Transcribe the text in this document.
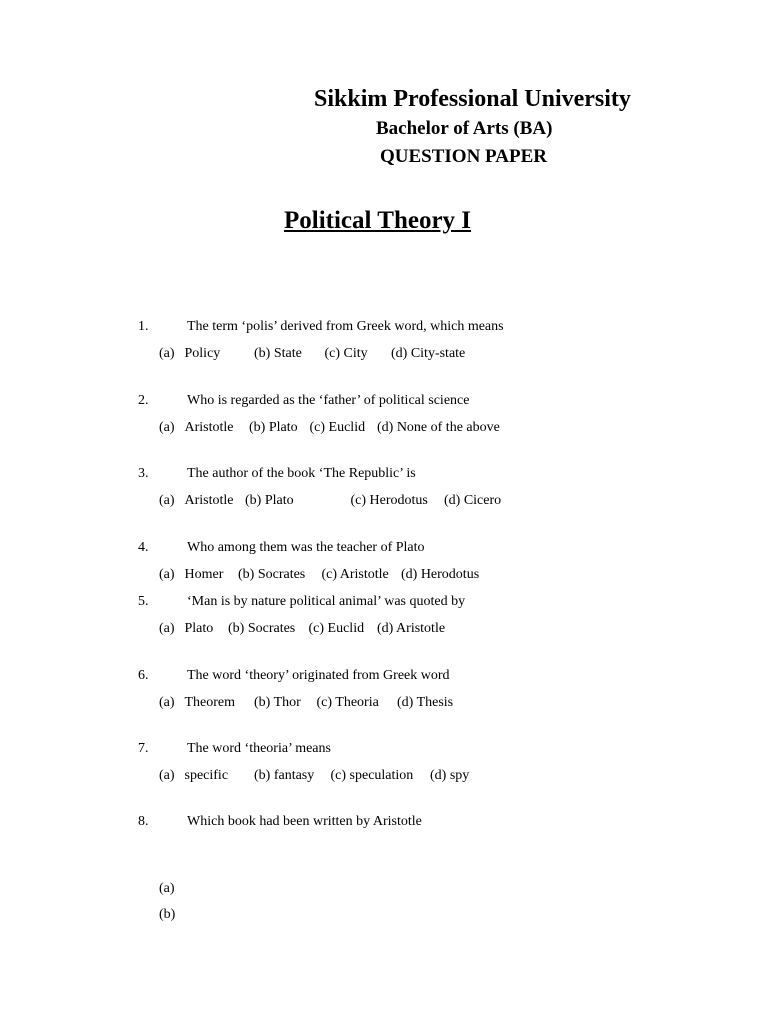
Sikkim Professional University
Bachelor of Arts (BA)
QUESTION PAPER
Political Theory I
1.	The term ‘polis’ derived from Greek word, which means
(a) Policy (b) State (c) City (d) City-state
2.	Who is regarded as the ‘father’ of political science
(a) Aristotle (b) Plato (c) Euclid (d) None of the above
3.	The author of the book ‘The Republic’ is
(a) Aristotle (b) Plato	(c) Herodotus (d) Cicero
4.	Who among them was the teacher of Plato
(a) Homer (b) Socrates (c) Aristotle (d) Herodotus
5.	‘Man is by nature political animal’ was quoted by
(a) Plato (b) Socrates (c) Euclid (d) Aristotle
6.	The word ‘theory’ originated from Greek word
(a) Theorem (b) Thor (c) Theoria (d) Thesis
7.	The word ‘theoria’ means
(a) specific (b) fantasy (c) speculation (d) spy
8.	Which book had been written by Aristotle
(a)
(b)
